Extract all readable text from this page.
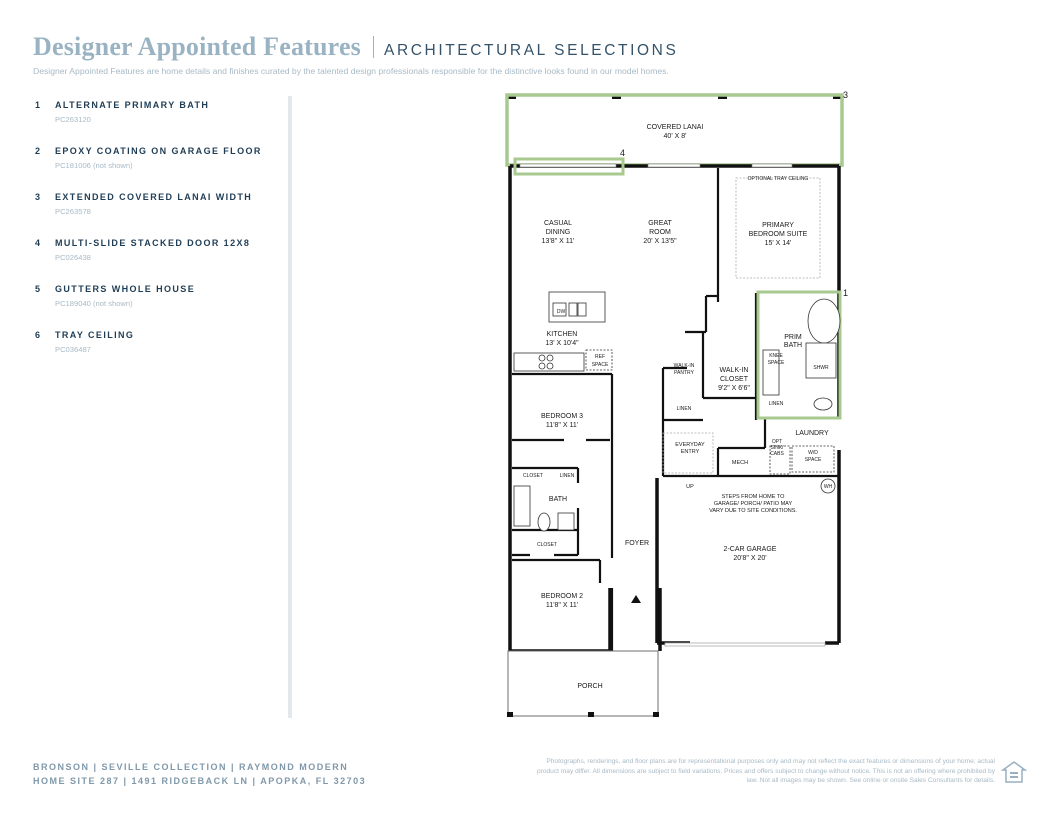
Designer Appointed Features ARCHITECTURAL SELECTIONS
Designer Appointed Features are home details and finishes curated by the talented design professionals responsible for the distinctive looks found in our model homes.
1 ALTERNATE PRIMARY BATH
PC263120
2 EPOXY COATING ON GARAGE FLOOR
PC181006 (not shown)
3 EXTENDED COVERED LANAI WIDTH
PC263578
4 MULTI-SLIDE STACKED DOOR 12X8
PC026438
5 GUTTERS WHOLE HOUSE
PC189040 (not shown)
6 TRAY CEILING
PC036487
3
4
1
COVERED LANAI
40' X 8'
CASUAL
DINING
13'8" X 11'
GREAT
ROOM
20' X 13'5"
OPTIONAL TRAY CEILING
PRIMARY
BEDROOM SUITE
15' X 14'
DW
KITCHEN
13' X 10'4"
REF
SPACE	WALK-IN
PANTRY	WALK-IN
CLOSET
9'2" X 6'6"
PRIM
BATH
KNEE
SPACE
SHWR
LINEN
LINEN
LAUNDRY
OPT
SINK/
CABS	W/D
SPACE
WH
MECH
EVERYDAY
ENTRY
UP
BEDROOM 3
11'8" X 11'
CLOSET	LINEN
BATH
CLOSET	FOYER
STEPS FROM HOME TO
GARAGE/ PORCH/ PATIO MAY
VARY DUE TO SITE CONDITIONS.
2-CAR GARAGE
20'8" X 20'
BEDROOM 2
11'8" X 11'
PORCH
BRONSON | SEVILLE COLLECTION | RAYMOND MODERN
HOME SITE 287 | 1491 RIDGEBACK LN | APOPKA, FL 32703
Photographs, renderings, and floor plans are for representational purposes only and may not reflect the exact features or dimensions of your home; actual product may differ. All dimensions are subject to field variations. Prices and offers subject to change without notice. This is not an offering where prohibited by law. Not all images may be shown. See online or onsite Sales Consultants for details.
